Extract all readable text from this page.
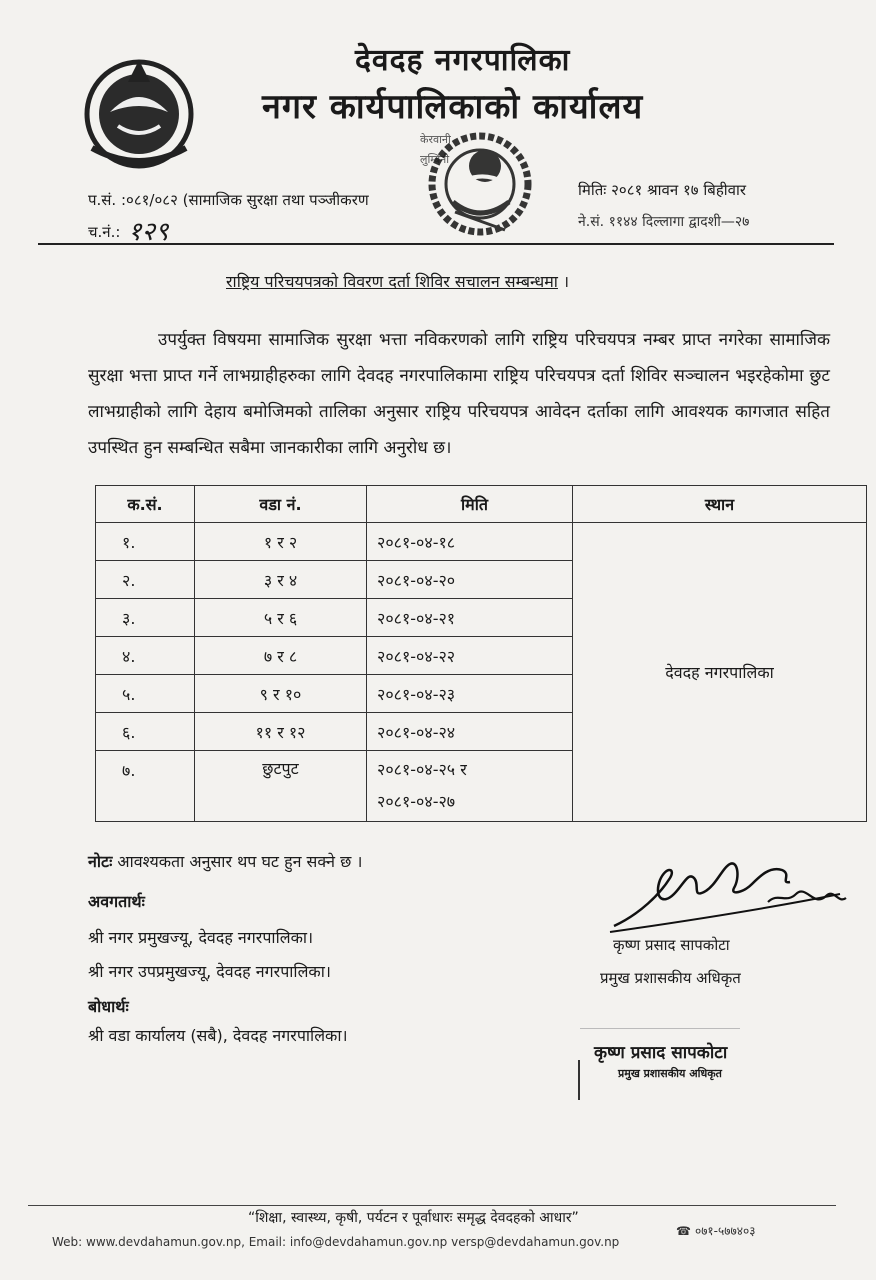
देवदह नगरपालिका
नगर कार्यपालिकाको कार्यालय
केरवानी
लुम्बिनी
प.सं. :०८१/०८२ (सामाजिक सुरक्षा तथा पञ्जीकरण
च.नं.: १२९
मितिः २०८१ श्रावन १७ बिहीवार
ने.सं. ११४४ दिल्लागा द्वादशी—२७
राष्ट्रिय परिचयपत्रको विवरण दर्ता शिविर सचालन सम्बन्धमा ।
उपर्युक्त विषयमा सामाजिक सुरक्षा भत्ता नविकरणको लागि राष्ट्रिय परिचयपत्र नम्बर प्राप्त नगरेका सामाजिक सुरक्षा भत्ता प्राप्त गर्ने लाभग्राहीहरुका लागि देवदह नगरपालिकामा राष्ट्रिय परिचयपत्र दर्ता शिविर सञ्चालन भइरहेकोमा छुट लाभग्राहीको लागि देहाय बमोजिमको तालिका अनुसार राष्ट्रिय परिचयपत्र आवेदन दर्ताका लागि आवश्यक कागजात सहित उपस्थित हुन सम्बन्धित सबैमा जानकारीका लागि अनुरोध छ।
क.सं.	वडा नं.	मिति	स्थान
१.	१ र २	२०८१-०४-१८	देवदह नगरपालिका
२.	३ र ४	२०८१-०४-२०	
३.	५ र ६	२०८१-०४-२१	
४.	७ र ८	२०८१-०४-२२	
५.	९ र १०	२०८१-०४-२३	
६.	११ र १२	२०८१-०४-२४	
७.	छुटपुट	२०८१-०४-२५ र
२०८१-०४-२७	
नोटः आवश्यकता अनुसार थप घट हुन सक्ने छ ।
अवगतार्थः
श्री नगर प्रमुखज्यू, देवदह नगरपालिका।
श्री नगर उपप्रमुखज्यू, देवदह नगरपालिका।
बोधार्थः
श्री वडा कार्यालय (सबै), देवदह नगरपालिका।
कृष्ण प्रसाद सापकोटा
प्रमुख प्रशासकीय अधिकृत
कृष्ण प्रसाद सापकोटा
प्रमुख प्रशासकीय अधिकृत
“शिक्षा, स्वास्थ्य, कृषी, पर्यटन र पूर्वाधारः समृद्ध देवदहको आधार”
Web: www.devdahamun.gov.np, Email: info@devdahamun.gov.np versp@devdahamun.gov.np
☎ ०७१-५७७४०३
